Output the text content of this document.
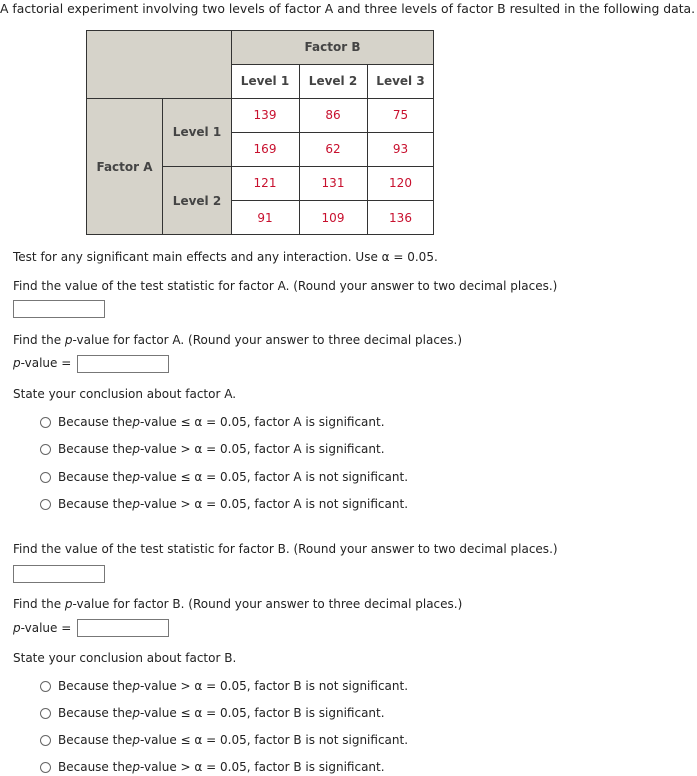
A factorial experiment involving two levels of factor A and three levels of factor B resulted in the following data.
Factor B
Level 1	Level 2	Level 3
Factor A
Level 1
Level 2
139	86	75
169	62	93
121	131	120
91	109	136
Test for any significant main effects and any interaction. Use α = 0.05.
Find the value of the test statistic for factor A. (Round your answer to two decimal places.)
Find the p-value for factor A. (Round your answer to three decimal places.)
p-value =
State your conclusion about factor A.
Because the p -value ≤ α = 0.05, factor A is significant.
Because the p -value > α = 0.05, factor A is significant.
Because the p -value ≤ α = 0.05, factor A is not significant.
Because the p -value > α = 0.05, factor A is not significant.
Find the value of the test statistic for factor B. (Round your answer to two decimal places.)
Find the p-value for factor B. (Round your answer to three decimal places.)
p-value =
State your conclusion about factor B.
Because the p -value > α = 0.05, factor B is not significant.
Because the p -value ≤ α = 0.05, factor B is significant.
Because the p -value ≤ α = 0.05, factor B is not significant.
Because the p -value > α = 0.05, factor B is significant.
